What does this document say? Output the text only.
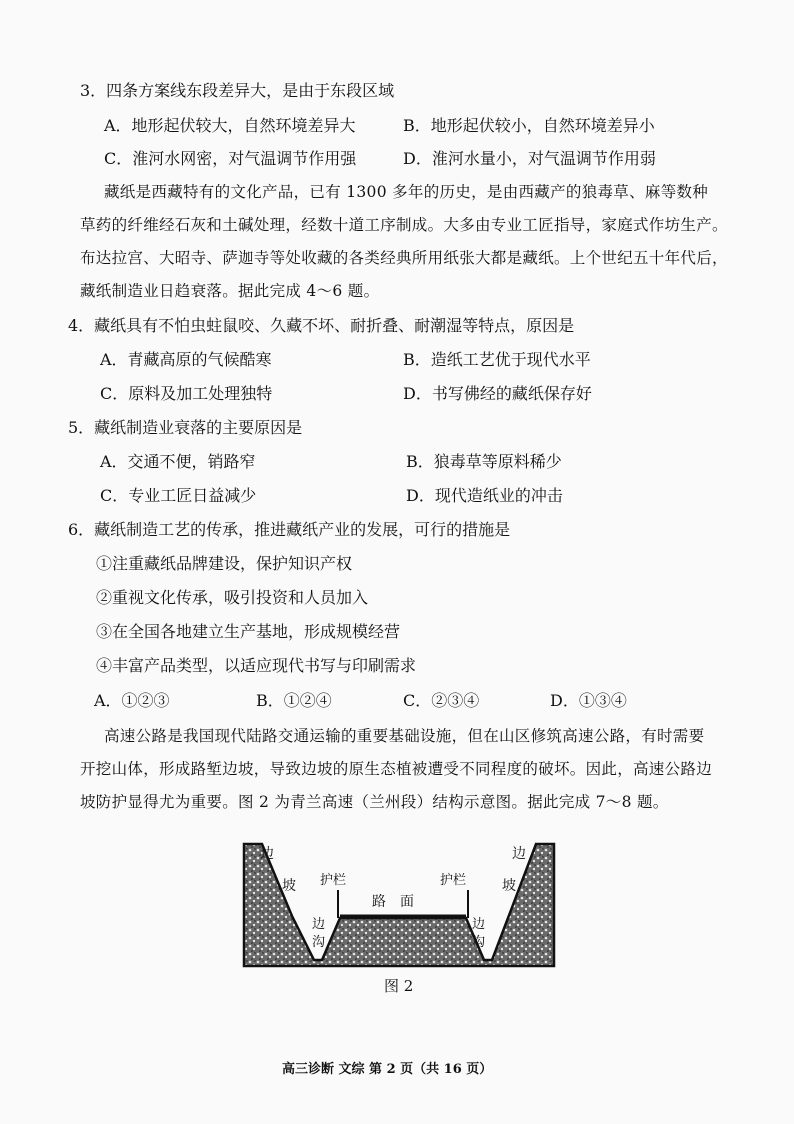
3．四条方案线东段差异大，是由于东段区域
A．地形起伏较大，自然环境差异大	B．地形起伏较小，自然环境差异小
C．淮河水网密，对气温调节作用强	D．淮河水量小，对气温调节作用弱
藏纸是西藏特有的文化产品，已有 1300 多年的历史，是由西藏产的狼毒草、麻等数种
草药的纤维经石灰和土碱处理，经数十道工序制成。大多由专业工匠指导，家庭式作坊生产。
布达拉宫、大昭寺、萨迦寺等处收藏的各类经典所用纸张大都是藏纸。上个世纪五十年代后，
藏纸制造业日趋衰落。据此完成 4～6 题。
4．藏纸具有不怕虫蛀鼠咬、久藏不坏、耐折叠、耐潮湿等特点，原因是
A．青藏高原的气候酷寒	B．造纸工艺优于现代水平
C．原料及加工处理独特	D．书写佛经的藏纸保存好
5．藏纸制造业衰落的主要原因是
A．交通不便，销路窄	B．狼毒草等原料稀少
C．专业工匠日益减少	D．现代造纸业的冲击
6．藏纸制造工艺的传承，推进藏纸产业的发展，可行的措施是
①注重藏纸品牌建设，保护知识产权
②重视文化传承，吸引投资和人员加入
③在全国各地建立生产基地，形成规模经营
④丰富产品类型，以适应现代书写与印刷需求
A．①②③	B．①②④	C．②③④	D．①③④
高速公路是我国现代陆路交通运输的重要基础设施，但在山区修筑高速公路，有时需要
开挖山体，形成路堑边坡，导致边坡的原生态植被遭受不同程度的破坏。因此，高速公路边
坡防护显得尤为重要。图 2 为青兰高速（兰州段）结构示意图。据此完成 7～8 题。
边
坡
边
坡
护栏	护栏
路　面
边
沟
边
沟
图 2
高三诊断 文综 第 2 页（共 16 页）
